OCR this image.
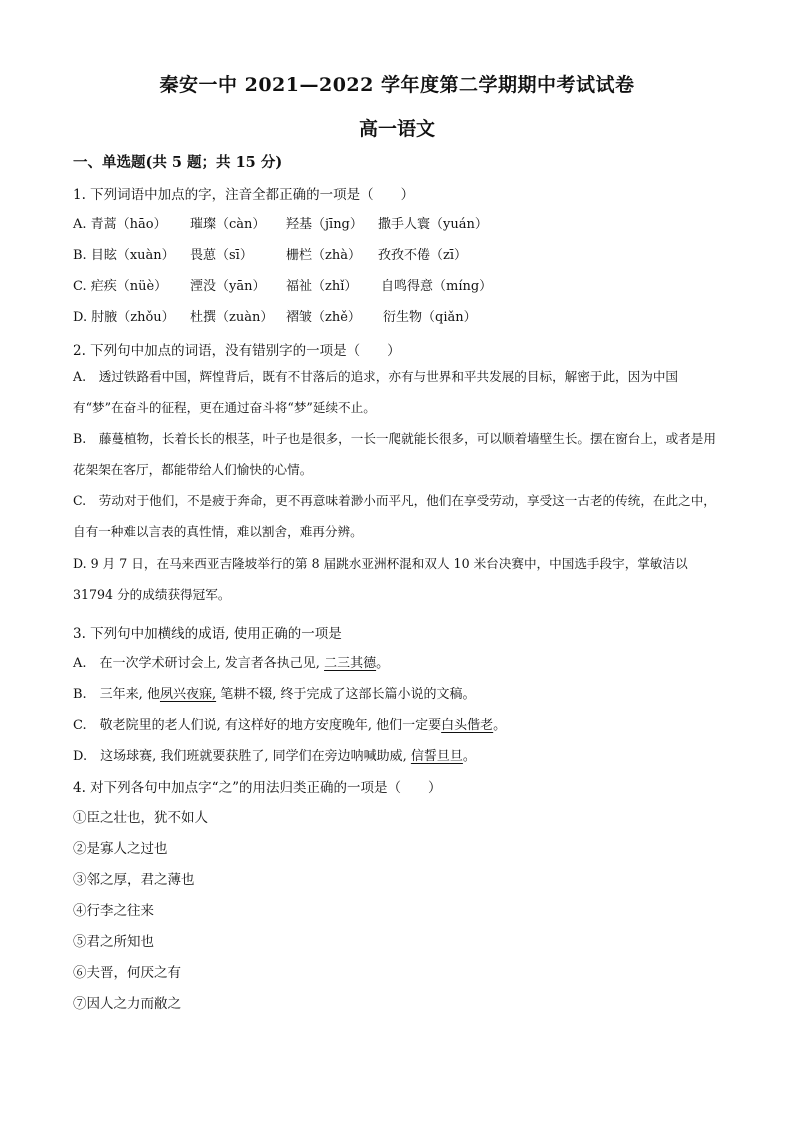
秦安一中 2021—2022 学年度第二学期期中考试试卷
高一语文
一、单选题(共 5 题；共 15 分)
1. 下列词语中加点的字，注音全都正确的一项是（　　）
A. 青蒿（hāo） 璀璨（càn） 羟基（jīng） 撒手人寰（yuán）
B. 目眩（xuàn） 畏葸（sī）	栅栏（zhà） 孜孜不倦（zī）
C. 疟疾（nüè） 湮没（yān） 福祉（zhǐ） 自鸣得意（míng）
D. 肘腋（zhǒu） 杜撰（zuàn） 褶皱（zhě） 衍生物（qiǎn）
2. 下列句中加点的词语，没有错别字的一项是（　　）
A.　透过铁路看中国，辉惶背后，既有不甘落后的追求，亦有与世界和平共发展的目标，解密于此，因为中国有“梦”在奋斗的征程，更在通过奋斗将“梦”延续不止。
B.　藤蔓植物，长着长长的根茎，叶子也是很多，一长一爬就能长很多，可以顺着墙壁生长。摆在窗台上，或者是用花架架在客厅，都能带给人们愉快的心情。
C.　劳动对于他们，不是疲于奔命，更不再意味着渺小而平凡，他们在享受劳动，享受这一古老的传统，在此之中，自有一种难以言表的真性情，难以割舍，难再分辨。
D. 9 月 7 日，在马来西亚吉隆坡举行的第 8 届跳水亚洲杯混和双人 10 米台决赛中，中国选手段宇，掌敏洁以 31794 分的成绩获得冠军。
3. 下列句中加横线的成语, 使用正确的一项是
A.　在一次学术研讨会上, 发言者各执己见, 二三其德。
B.　三年来, 他夙兴夜寐, 笔耕不辍, 终于完成了这部长篇小说的文稿。
C.　敬老院里的老人们说, 有这样好的地方安度晚年, 他们一定要白头偕老。
D.　这场球赛, 我们班就要获胜了, 同学们在旁边呐喊助威, 信誓旦旦。
4. 对下列各句中加点字“之”的用法归类正确的一项是（　　）
①臣之壮也，犹不如人
②是寡人之过也
③邻之厚，君之薄也
④行李之往来
⑤君之所知也
⑥夫晋，何厌之有
⑦因人之力而敝之
